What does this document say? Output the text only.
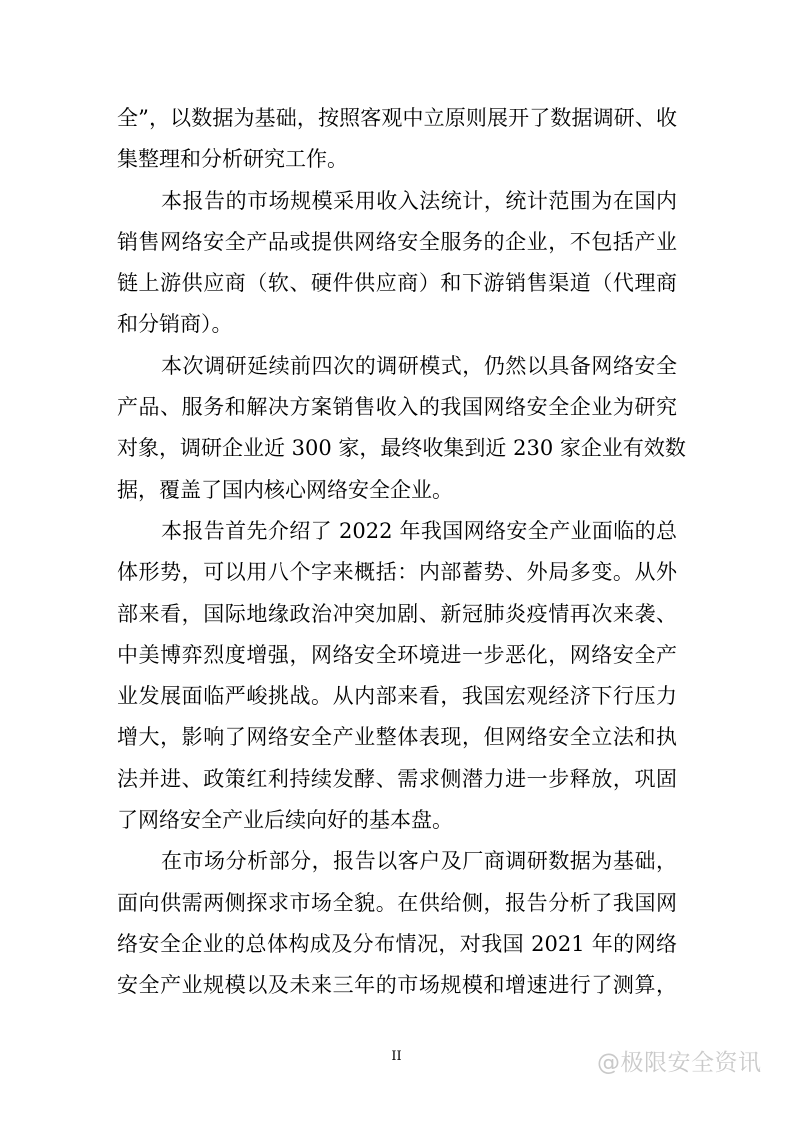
全”，以数据为基础，按照客观中立原则展开了数据调研、收
集整理和分析研究工作。
本报告的市场规模采用收入法统计，统计范围为在国内
销售网络安全产品或提供网络安全服务的企业，不包括产业
链上游供应商（软、硬件供应商）和下游销售渠道（代理商
和分销商）。
本次调研延续前四次的调研模式，仍然以具备网络安全
产品、服务和解决方案销售收入的我国网络安全企业为研究
对象，调研企业近 300 家，最终收集到近 230 家企业有效数
据，覆盖了国内核心网络安全企业。
本报告首先介绍了 2022 年我国网络安全产业面临的总
体形势，可以用八个字来概括：内部蓄势、外局多变。从外
部来看，国际地缘政治冲突加剧、新冠肺炎疫情再次来袭、
中美博弈烈度增强，网络安全环境进一步恶化，网络安全产
业发展面临严峻挑战。从内部来看，我国宏观经济下行压力
增大，影响了网络安全产业整体表现，但网络安全立法和执
法并进、政策红利持续发酵、需求侧潜力进一步释放，巩固
了网络安全产业后续向好的基本盘。
在市场分析部分，报告以客户及厂商调研数据为基础，
面向供需两侧探求市场全貌。在供给侧，报告分析了我国网
络安全企业的总体构成及分布情况，对我国 2021 年的网络
安全产业规模以及未来三年的市场规模和增速进行了测算，
II	@极限安全资讯
